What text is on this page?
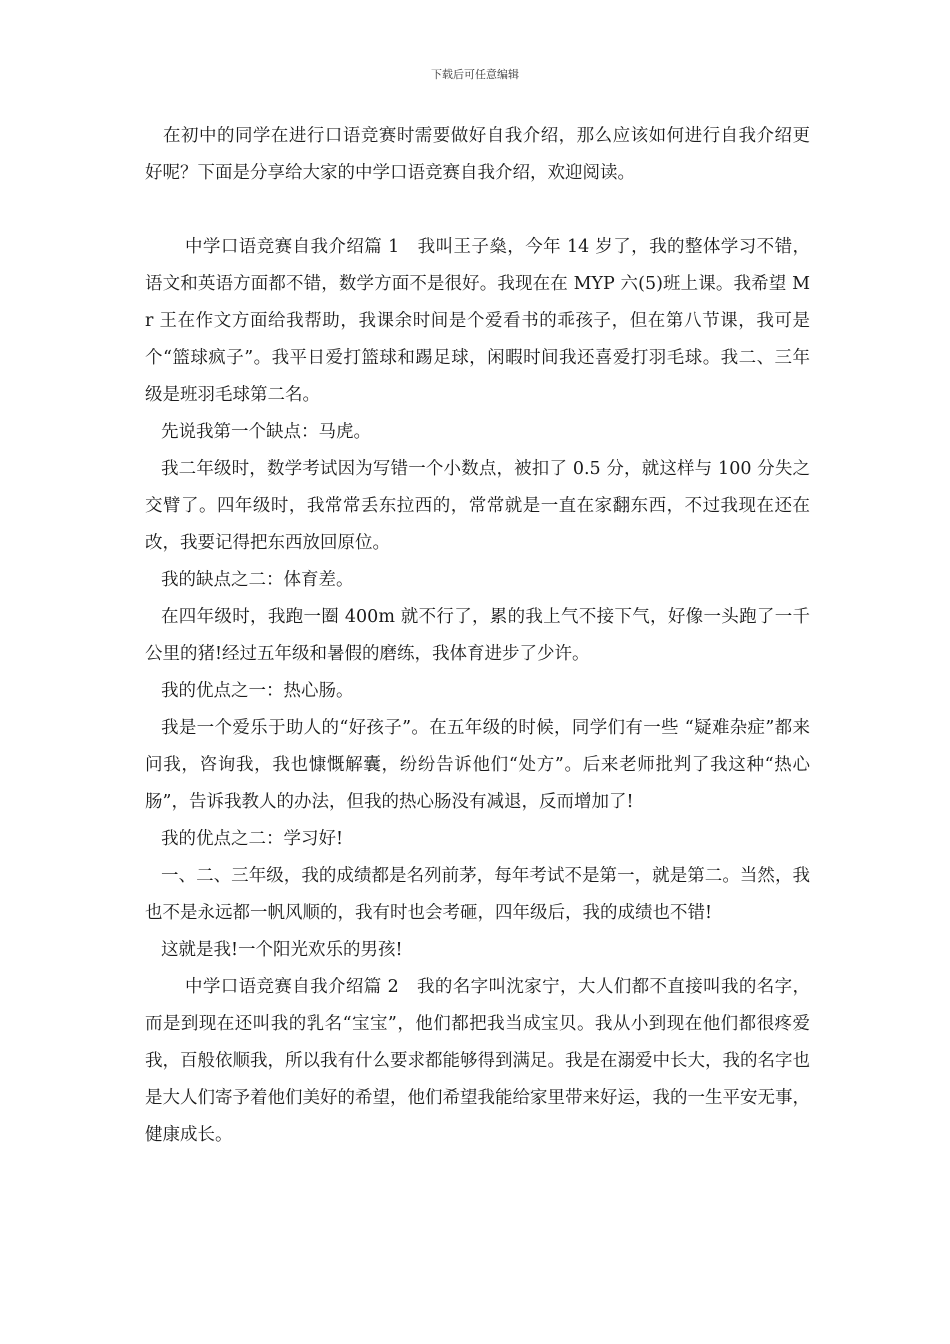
下载后可任意编辑

在初中的同学在进行口语竞赛时需要做好自我介绍，那么应该如何进行自我介绍更好呢？下面是分享给大家的中学口语竞赛自我介绍，欢迎阅读。

中学口语竞赛自我介绍篇 1　我叫王子燊，今年 14 岁了，我的整体学习不错，语文和英语方面都不错，数学方面不是很好。我现在在 MYP 六(5)班上课。我希望 Mr 王在作文方面给我帮助，我课余时间是个爱看书的乖孩子，但在第八节课，我可是个“篮球疯子”。我平日爱打篮球和踢足球，闲暇时间我还喜爱打羽毛球。我二、三年级是班羽毛球第二名。

先说我第一个缺点：马虎。

我二年级时，数学考试因为写错一个小数点，被扣了 0.5 分，就这样与 100 分失之交臂了。四年级时，我常常丢东拉西的，常常就是一直在家翻东西，不过我现在还在改，我要记得把东西放回原位。

我的缺点之二：体育差。

在四年级时，我跑一圈 400m 就不行了，累的我上气不接下气，好像一头跑了一千公里的猪!经过五年级和暑假的磨练，我体育进步了少许。

我的优点之一：热心肠。

我是一个爱乐于助人的“好孩子”。在五年级的时候，同学们有一些 “疑难杂症”都来问我，咨询我，我也慷慨解囊，纷纷告诉他们“处方”。后来老师批判了我这种“热心肠”，告诉我教人的办法，但我的热心肠没有减退，反而增加了!

我的优点之二：学习好!

一、二、三年级，我的成绩都是名列前茅，每年考试不是第一，就是第二。当然，我也不是永远都一帆风顺的，我有时也会考砸，四年级后，我的成绩也不错!

这就是我!一个阳光欢乐的男孩!

中学口语竞赛自我介绍篇 2　我的名字叫沈家宁，大人们都不直接叫我的名字，而是到现在还叫我的乳名“宝宝”，他们都把我当成宝贝。我从小到现在他们都很疼爱我，百般依顺我，所以我有什么要求都能够得到满足。我是在溺爱中长大，我的名字也是大人们寄予着他们美好的希望，他们希望我能给家里带来好运，我的一生平安无事，健康成长。
